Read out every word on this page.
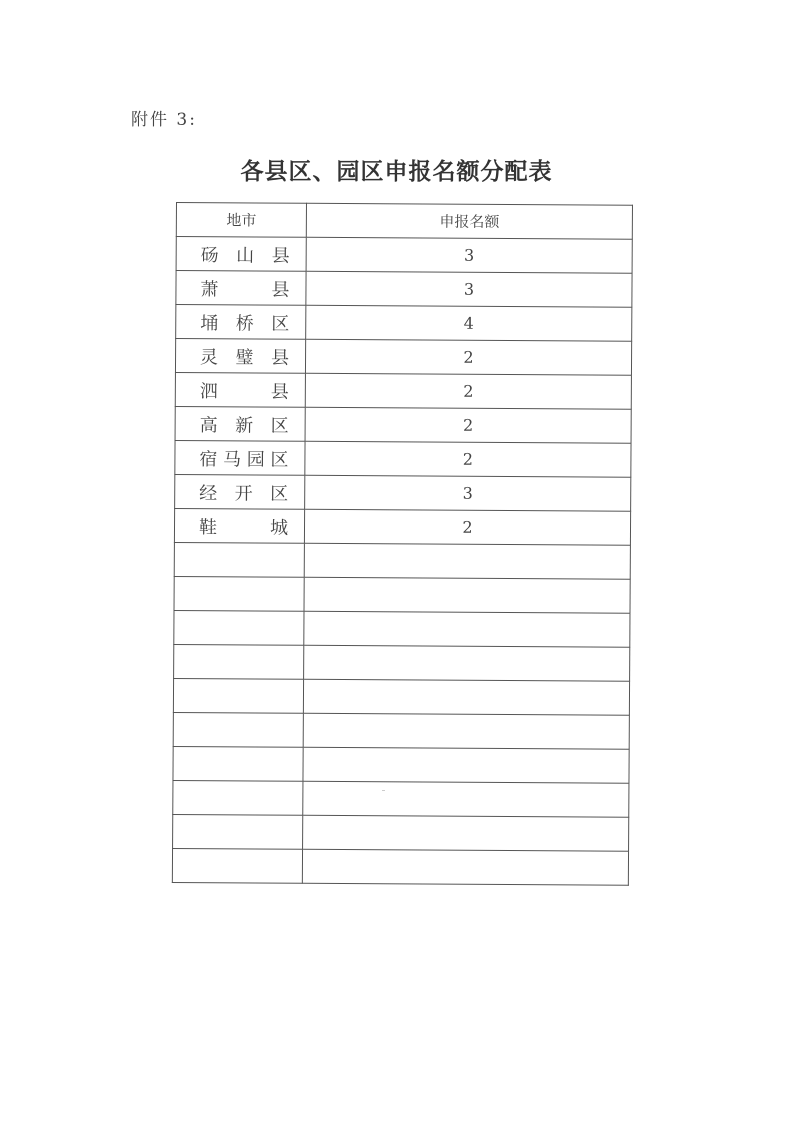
附件 3:
各县区、园区申报名额分配表
地市	申报名额

砀 山 县	3

萧 县	3

埇 桥 区	4

灵 璧 县	2

泗 县	2

高 新 区	2

宿 马 园 区	2

经 开 区	3

鞋 城	2
